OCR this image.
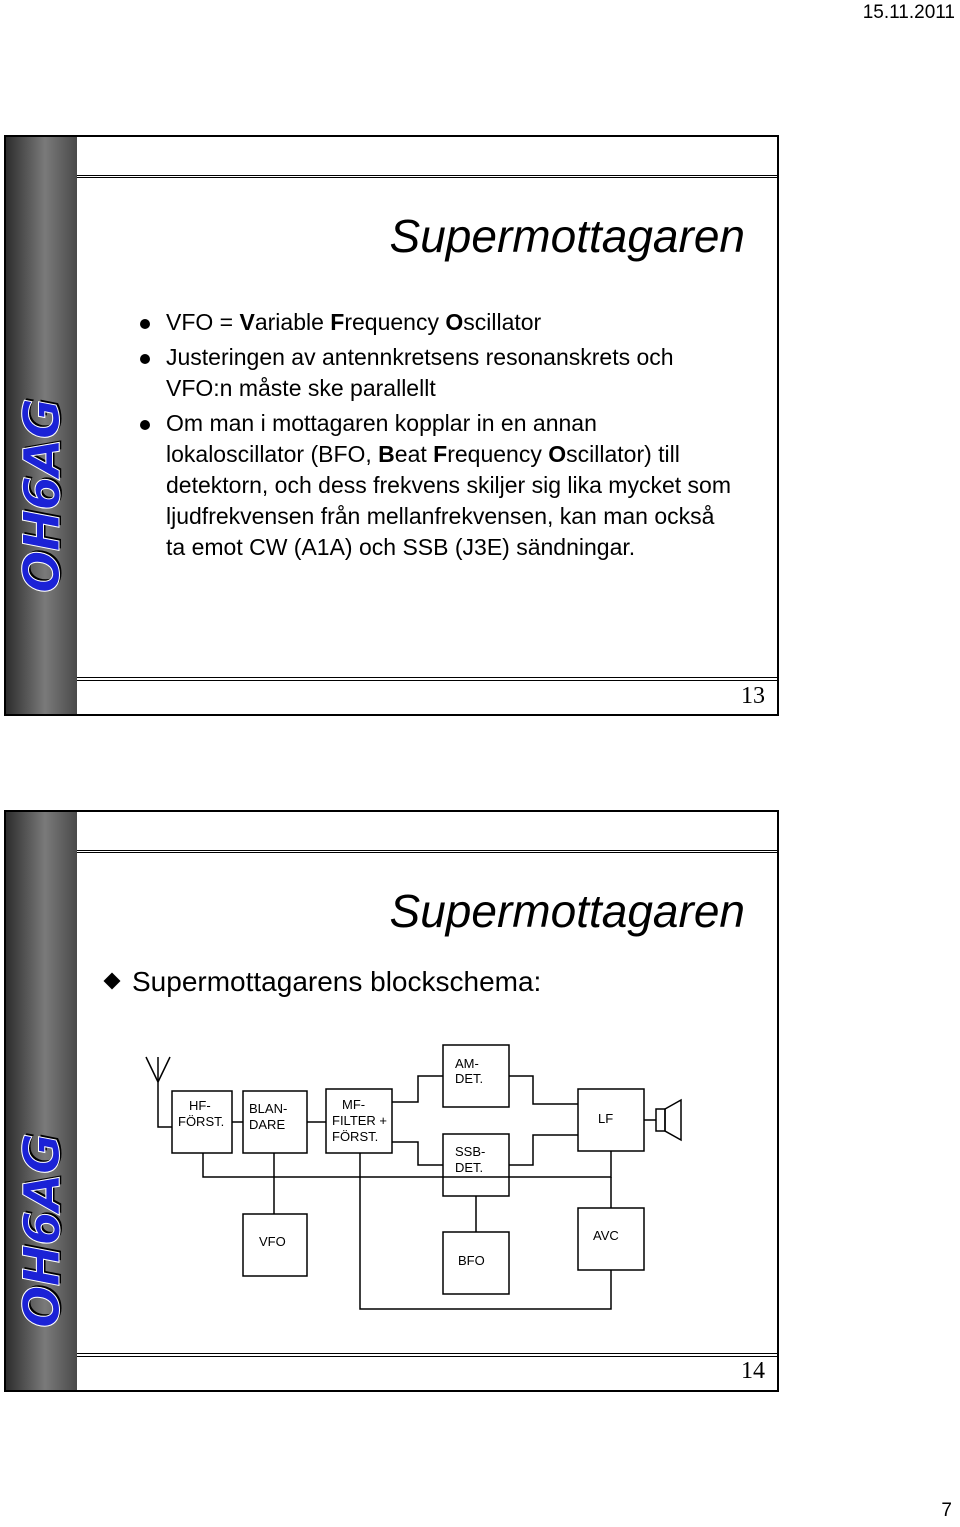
15.11.2011
OH6AG
Supermottagaren
VFO = Variable Frequency Oscillator
Justeringen av antennkretsens resonanskrets och VFO:n måste ske parallellt
Om man i mottagaren kopplar in en annan lokaloscillator (BFO, Beat Frequency Oscillator) till detektorn, och dess frekvens skiljer sig lika mycket som ljudfrekvensen från mellanfrekvensen, kan man också ta emot CW (A1A) och SSB (J3E) sändningar.
13
OH6AG
Supermottagaren
Supermottagarens blockschema:
HF-
FÖRST.
BLAN-
DARE
MF-
FILTER +
FÖRST.
AM-
DET.
SSB-
DET.
LF
VFO
BFO
AVC
14
7
